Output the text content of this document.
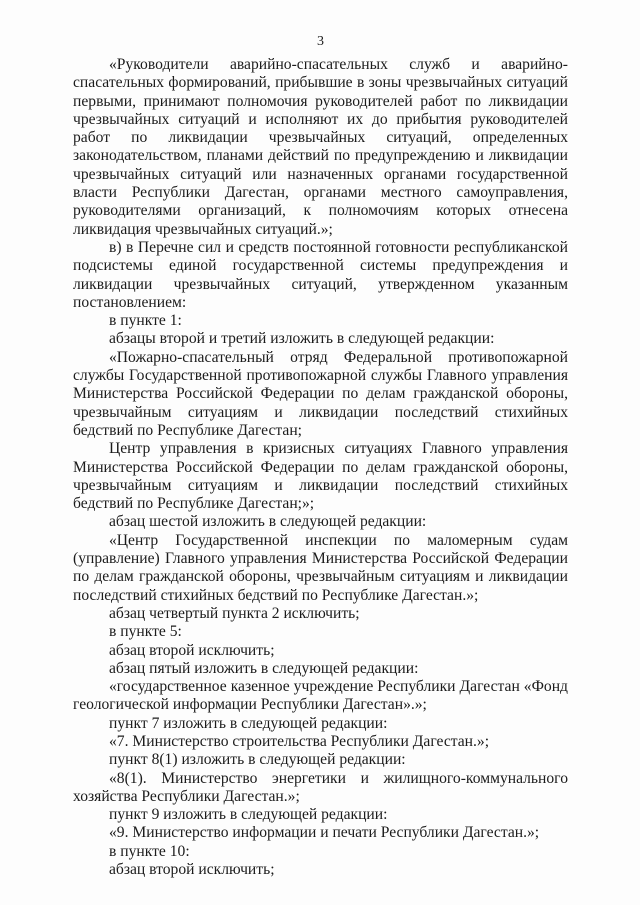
3

«Руководители аварийно-спасательных служб и аварийно-спасательных формирований, прибывшие в зоны чрезвычайных ситуаций первыми, принимают полномочия руководителей работ по ликвидации чрезвычайных ситуаций и исполняют их до прибытия руководителей работ по ликвидации чрезвычайных ситуаций, определенных законодательством, планами действий по предупреждению и ликвидации чрезвычайных ситуаций или назначенных органами государственной власти Республики Дагестан, органами местного самоуправления, руководителями организаций, к полномочиям которых отнесена ликвидация чрезвычайных ситуаций.»;

в) в Перечне сил и средств постоянной готовности республиканской подсистемы единой государственной системы предупреждения и ликвидации чрезвычайных ситуаций, утвержденном указанным постановлением:

в пункте 1:

абзацы второй и третий изложить в следующей редакции:

«Пожарно-спасательный отряд Федеральной противопожарной службы Государственной противопожарной службы Главного управления Министерства Российской Федерации по делам гражданской обороны, чрезвычайным ситуациям и ликвидации последствий стихийных бедствий по Республике Дагестан;

Центр управления в кризисных ситуациях Главного управления Министерства Российской Федерации по делам гражданской обороны, чрезвычайным ситуациям и ликвидации последствий стихийных бедствий по Республике Дагестан;»;

абзац шестой изложить в следующей редакции:

«Центр Государственной инспекции по маломерным судам (управление) Главного управления Министерства Российской Федерации по делам гражданской обороны, чрезвычайным ситуациям и ликвидации последствий стихийных бедствий по Республике Дагестан.»;

абзац четвертый пункта 2 исключить;

в пункте 5:

абзац второй исключить;

абзац пятый изложить в следующей редакции:

«государственное казенное учреждение Республики Дагестан «Фонд геологической информации Республики Дагестан».»;

пункт 7 изложить в следующей редакции:

«7. Министерство строительства Республики Дагестан.»;

пункт 8(1) изложить в следующей редакции:

«8(1). Министерство энергетики и жилищного-коммунального хозяйства Республики Дагестан.»;

пункт 9 изложить в следующей редакции:

«9. Министерство информации и печати Республики Дагестан.»;

в пункте 10:

абзац второй исключить;
